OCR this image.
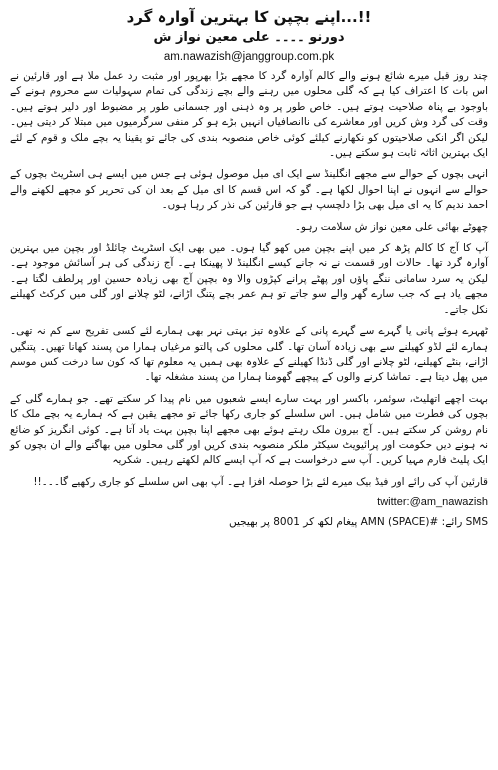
اپنے بچپن کا بہترین آوارہ گرد...!!
دورنو ۔۔۔۔ علی معین نواز ش
am.nawazish@janggroup.com.pk

چند روز قبل میرے شائع ہونے والے کالم آوارہ گرد کا مجھے بڑا بھرپور اور مثبت رد عمل ملا ہے اور قارئین نے اس بات کا اعتراف کیا ہے کہ گلی محلوں میں رہنے والے بچے زندگی کی تمام سہولیات سے محروم ہونے کے باوجود بے پناہ صلاحیت ہوتے ہیں۔ خاص طور پر وہ ذہنی اور جسمانی طور پر مضبوط اور دلیر ہوتے ہیں۔ وقت کی گرد وش کریں اور معاشرے کی ناانصافیاں انہیں بڑے ہو کر منفی سرگرمیوں میں مبتلا کر دیتی ہیں۔ لیکن اگر انکی صلاحیتوں کو نکھارنے کیلئے کوئی خاص منصوبہ بندی کی جائے تو یقینا یہ بچے ملک و قوم کے لئے ایک بہترین اثاثہ ثابت ہو سکتے ہیں۔

انہی بچوں کے حوالے سے مجھے انگلینڈ سے ایک ای میل موصول ہوئی ہے جس میں ایسے ہی اسٹریٹ بچوں کے حوالے سے انہوں نے اپنا احوال لکھا ہے۔ گو کہ اس قسم کا ای میل کے بعد ان کی تحریر کو مجھے لکھنے والے احمد ندیم کا یہ ای میل بھی بڑا دلچسپ ہے جو قارئین کی نذر کر رہا ہوں۔

چھوٹے بھائی علی معین نواز ش سلامت رہو۔

آپ کا آج کا کالم پڑھ کر میں اپنے بچپن میں کھو گیا ہوں۔ میں بھی ایک اسٹریٹ چائلڈ اور بچپن میں بہترین آوارہ گرد تھا۔ حالات اور قسمت نے نہ جانے کیسے انگلینڈ لا پھینکا ہے۔ آج زندگی کی ہر آسائش موجود ہے۔ لیکن یہ سرد سامانی ننگے پاؤں اور پھٹے پرانے کپڑوں والا وہ بچپن آج بھی زیادہ حسین اور پرلطف لگتا ہے۔ مجھے یاد ہے کہ جب سارے گھر والے سو جاتے تو ہم عمر بچے پتنگ اڑانے، لٹو چلانے اور گلی میں کرکٹ کھیلنے نکل جاتے۔

ٹھہرے ہوئے پانی یا گہرے سے گہرے پانی کے علاوہ تیز بہتی نہر بھی ہمارے لئے کسی تفریح سے کم نہ تھی۔ ہمارے لئے لڈو کھیلنے سے بھی زیادہ آسان تھا۔ گلی محلوں کی پالتو مرغیاں ہمارا من پسند کھانا تھیں۔ پتنگیں اڑانے، بنٹے کھیلنے، لٹو چلانے اور گلی ڈنڈا کھیلنے کے علاوہ بھی ہمیں یہ معلوم تھا کہ کون سا درخت کس موسم میں پھل دیتا ہے۔ تماشا کرنے والوں کے پیچھے گھومنا ہمارا من پسند مشغلہ تھا۔

بہت اچھے اتھلیٹ، سوئمر، باکسر اور بہت سارے ایسے شعبوں میں نام پیدا کر سکتے تھے۔ جو ہمارے گلی کے بچوں کی فطرت میں شامل ہیں۔ اس سلسلے کو جاری رکھا جائے تو مجھے یقین ہے کہ ہمارے یہ بچے ملک کا نام روشن کر سکتے ہیں۔ آج بیرون ملک رہتے ہوئے بھی مجھے اپنا بچپن بہت یاد آتا ہے۔ کوئی انگریز کو ضائع نہ ہونے دیں حکومت اور پرائیویٹ سیکٹر ملکر منصوبہ بندی کریں اور گلی محلوں میں بھاگنے والے ان بچوں کو ایک پلیٹ فارم مہیا کریں۔ آپ سے درخواست ہے کہ آپ ایسے کالم لکھتے رہیں۔ شکریہ

قارئین آپ کی رائے اور فیڈ بیک میرے لئے بڑا حوصلہ افزا ہے۔ آپ بھی اس سلسلے کو جاری رکھیے گا۔۔۔!!

twitter:@am_nawazish
SMS رائے: #AMN (SPACE) پیغام لکھ کر 8001 پر بھیجیں
